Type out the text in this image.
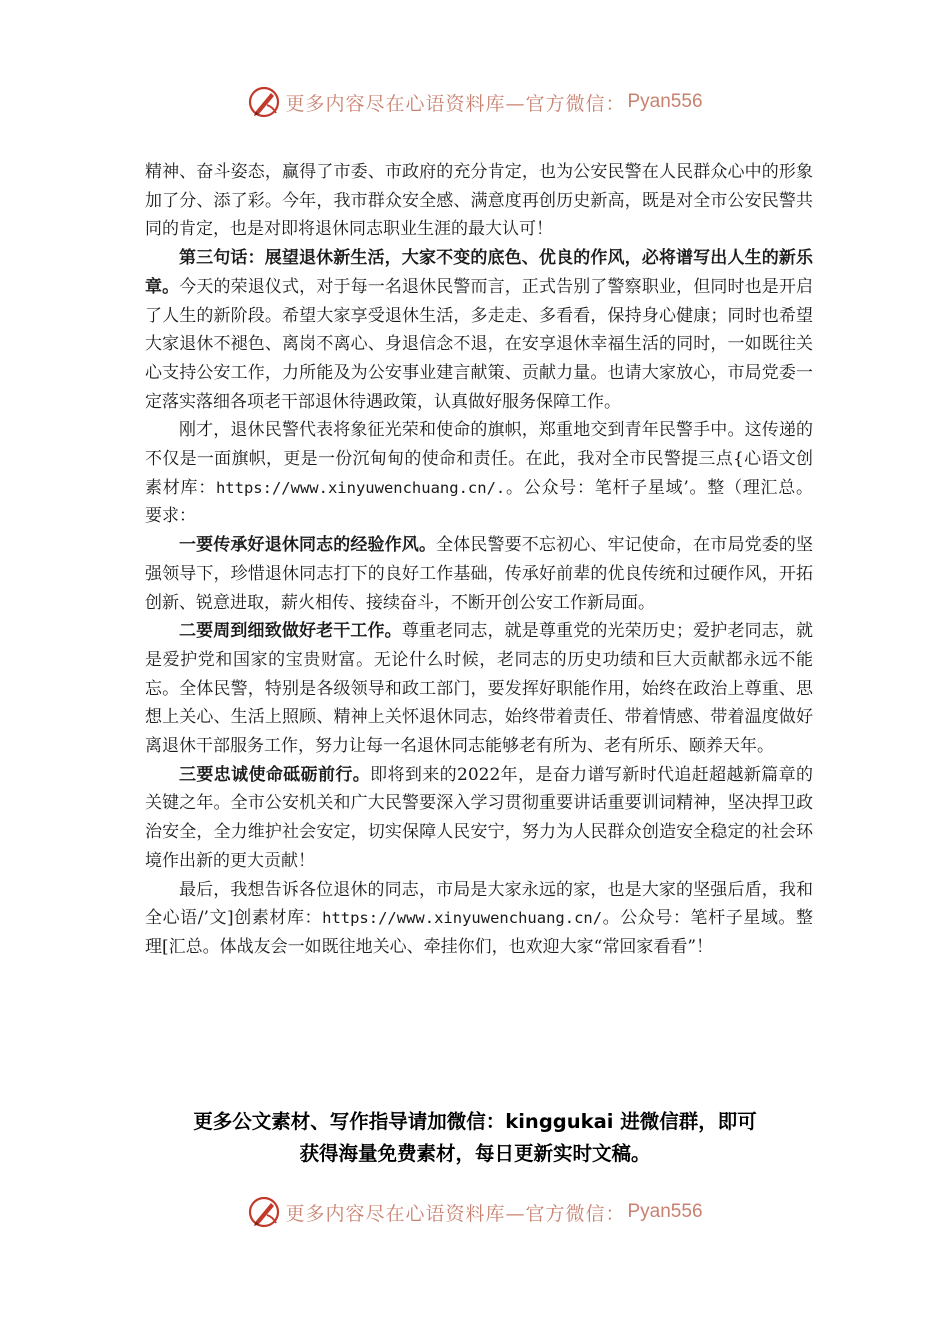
更多内容尽在心语资料库—官方微信： Pyan556

精神、奋斗姿态，赢得了市委、市政府的充分肯定，也为公安民警在人民群众心中的形象加了分、添了彩。今年，我市群众安全感、满意度再创历史新高，既是对全市公安民警共同的肯定，也是对即将退休同志职业生涯的最大认可！

第三句话：展望退休新生活，大家不变的底色、优良的作风，必将谱写出人生的新乐章。今天的荣退仪式，对于每一名退休民警而言，正式告别了警察职业，但同时也是开启了人生的新阶段。希望大家享受退休生活，多走走、多看看，保持身心健康；同时也希望大家退休不褪色、离岗不离心、身退信念不退，在安享退休幸福生活的同时，一如既往关心支持公安工作，力所能及为公安事业建言献策、贡献力量。也请大家放心，市局党委一定落实落细各项老干部退休待遇政策，认真做好服务保障工作。

刚才，退休民警代表将象征光荣和使命的旗帜，郑重地交到青年民警手中。这传递的不仅是一面旗帜，更是一份沉甸甸的使命和责任。在此，我对全市民警提三点{心语文创素材库：https://www.xinyuwenchuang.cn/.。公众号：笔杆子星域’。整（理汇总。要求：

一要传承好退休同志的经验作风。全体民警要不忘初心、牢记使命，在市局党委的坚强领导下，珍惜退休同志打下的良好工作基础，传承好前辈的优良传统和过硬作风，开拓创新、锐意进取，薪火相传、接续奋斗，不断开创公安工作新局面。

二要周到细致做好老干工作。尊重老同志，就是尊重党的光荣历史；爱护老同志，就是爱护党和国家的宝贵财富。无论什么时候，老同志的历史功绩和巨大贡献都永远不能忘。全体民警，特别是各级领导和政工部门，要发挥好职能作用，始终在政治上尊重、思想上关心、生活上照顾、精神上关怀退休同志，始终带着责任、带着情感、带着温度做好离退休干部服务工作，努力让每一名退休同志能够老有所为、老有所乐、颐养天年。

三要忠诚使命砥砺前行。即将到来的2022年，是奋力谱写新时代追赶超越新篇章的关键之年。全市公安机关和广大民警要深入学习贯彻重要讲话重要训词精神，坚决捍卫政治安全，全力维护社会安定，切实保障人民安宁，努力为人民群众创造安全稳定的社会环境作出新的更大贡献！

最后，我想告诉各位退休的同志，市局是大家永远的家，也是大家的坚强后盾，我和全心语/’文]创素材库：https://www.xinyuwenchuang.cn/。公众号：笔杆子星域。整理[汇总。体战友会一如既往地关心、牵挂你们，也欢迎大家“常回家看看”！

更多公文素材、写作指导请加微信：kinggukai 进微信群，即可
获得海量免费素材，每日更新实时文稿。
更多内容尽在心语资料库—官方微信： Pyan556
